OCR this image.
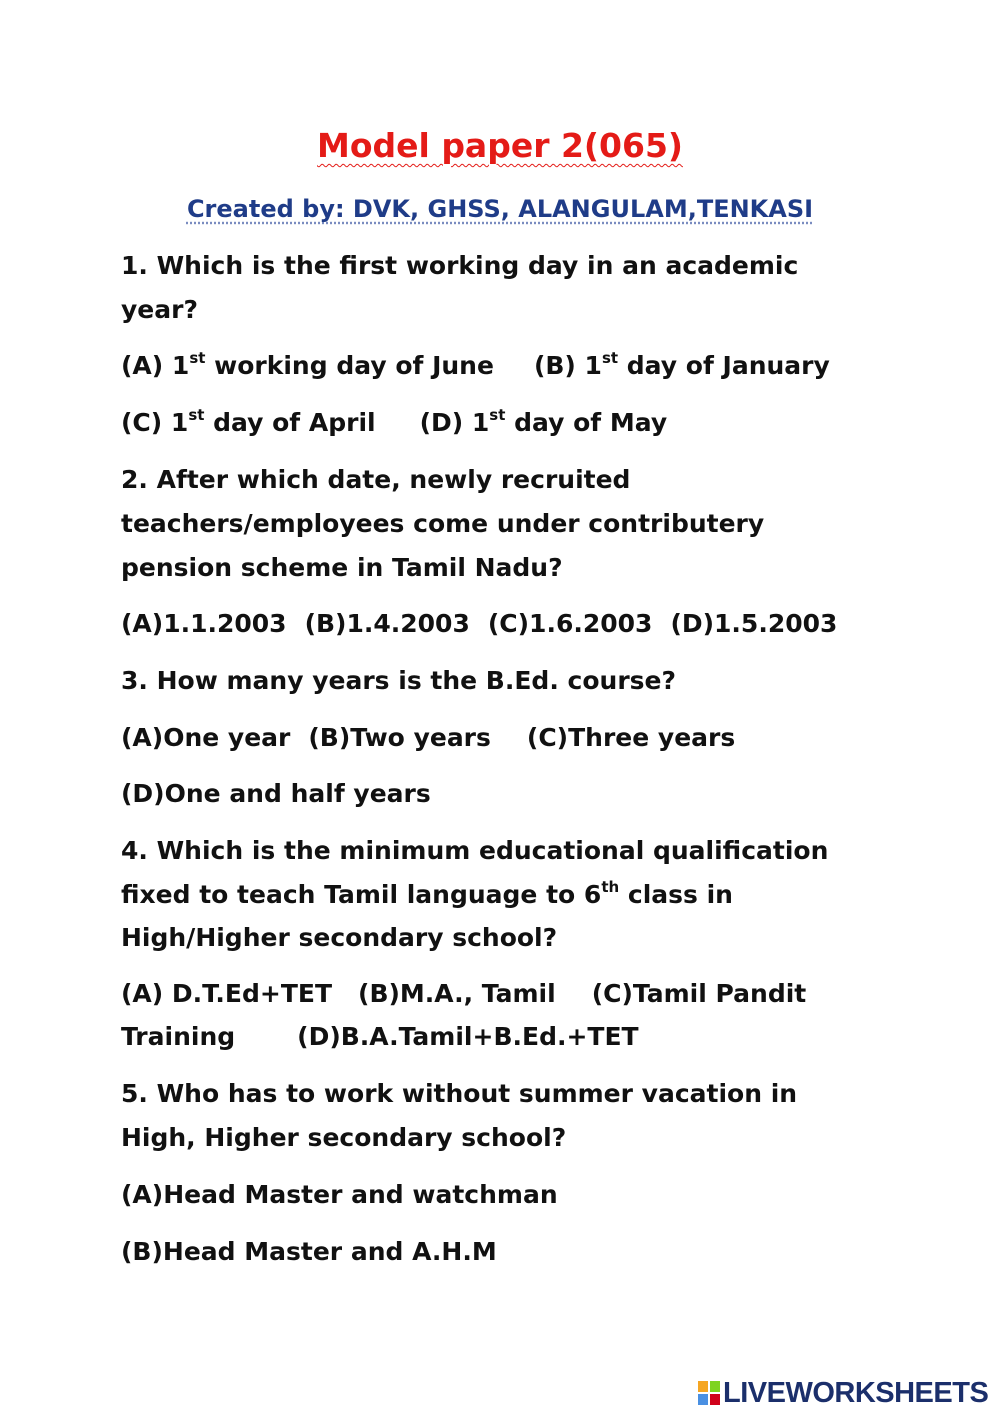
Model paper 2(065)
Created by: DVK, GHSS, ALANGULAM,TENKASI
1. Which is the first working day in an academic
year?
(A) 1st working day of June (B) 1st day of January
(C) 1st day of April (D) 1st day of May
2. After which date, newly recruited
teachers/employees come under contributery
pension scheme in Tamil Nadu?
(A)1.1.2003 (B)1.4.2003 (C)1.6.2003 (D)1.5.2003
3. How many years is the B.Ed. course?
(A)One year (B)Two years (C)Three years
(D)One and half years
4. Which is the minimum educational qualification
fixed to teach Tamil language to 6th class in
High/Higher secondary school?
(A) D.T.Ed+TET (B)M.A., Tamil (C)Tamil Pandit
Training (D)B.A.Tamil+B.Ed.+TET
5. Who has to work without summer vacation in
High, Higher secondary school?
(A)Head Master and watchman
(B)Head Master and A.H.M
LIVEWORKSHEETS
